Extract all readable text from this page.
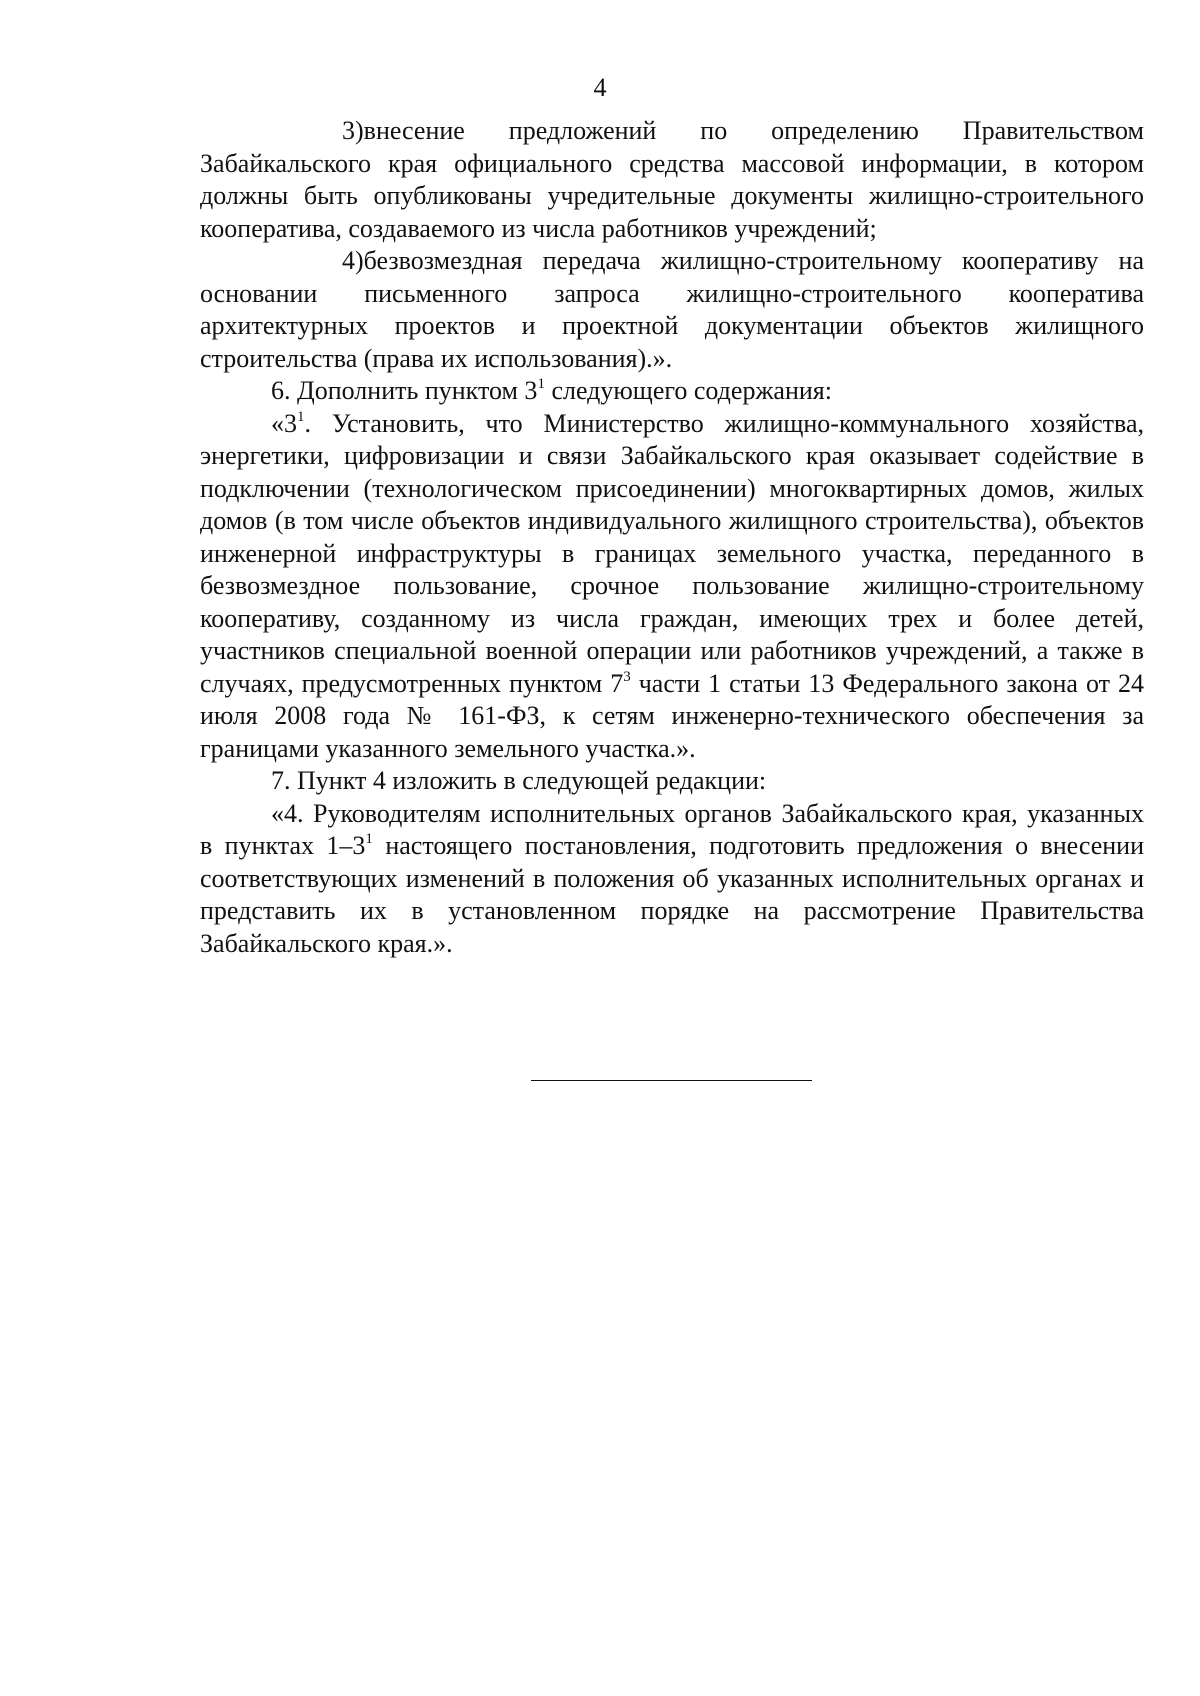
4

3)внесение предложений по определению Правительством Забайкальского края официального средства массовой информации, в котором должны быть опубликованы учредительные документы жилищно-строительного кооператива, создаваемого из числа работников учреждений;

4)безвозмездная передача жилищно-строительному кооперативу на основании письменного запроса жилищно-строительного кооператива архитектурных проектов и проектной документации объектов жилищного строительства (права их использования).».

6. Дополнить пунктом $3^1$ следующего содержания:

«$3^1$. Установить, что Министерство жилищно-коммунального хозяйства, энергетики, цифровизации и связи Забайкальского края оказывает содействие в подключении (технологическом присоединении) многоквартирных домов, жилых домов (в том числе объектов индивидуального жилищного строительства), объектов инженерной инфраструктуры в границах земельного участка, переданного в безвозмездное пользование, срочное пользование жилищно-строительному кооперативу, созданному из числа граждан, имеющих трех и более детей, участников специальной военной операции или работников учреждений, а также в случаях, предусмотренных пунктом $7^3$ части 1 статьи 13 Федерального закона от 24 июля 2008 года № 161-ФЗ, к сетям инженерно-технического обеспечения за границами указанного земельного участка.».

7. Пункт 4 изложить в следующей редакции:

«4. Руководителям исполнительных органов Забайкальского края, указанных в пунктах $1-3^1$ настоящего постановления, подготовить предложения о внесении соответствующих изменений в положения об указанных исполнительных органах и представить их в установленном порядке на рассмотрение Правительства Забайкальского края.».
